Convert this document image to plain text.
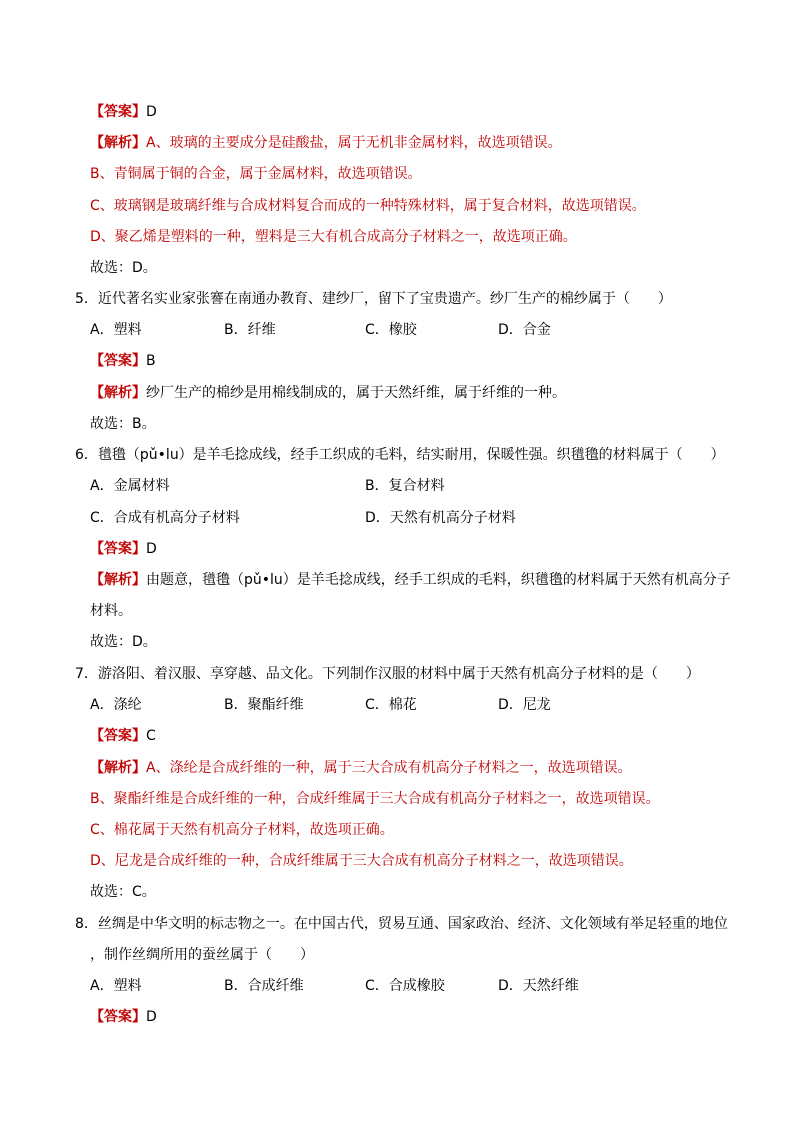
【答案】D
【解析】A、玻璃的主要成分是硅酸盐，属于无机非金属材料，故选项错误。
B、青铜属于铜的合金，属于金属材料，故选项错误。
C、玻璃钢是玻璃纤维与合成材料复合而成的一种特殊材料，属于复合材料，故选项错误。
D、聚乙烯是塑料的一种，塑料是三大有机合成高分子材料之一，故选项正确。
故选：D。
5．近代著名实业家张謇在南通办教育、建纱厂，留下了宝贵遗产。纱厂生产的棉纱属于（　　）
A．塑料	B．纤维	C．橡胶	D．合金
【答案】B
【解析】纱厂生产的棉纱是用棉线制成的，属于天然纤维，属于纤维的一种。
故选：B。
6．氆氇（pǔ•lu）是羊毛捻成线，经手工织成的毛料，结实耐用，保暖性强。织氆氇的材料属于（　　）
A．金属材料	B．复合材料
C．合成有机高分子材料	D．天然有机高分子材料
【答案】D
【解析】由题意，氆氇（pǔ•lu）是羊毛捻成线，经手工织成的毛料，织氆氇的材料属于天然有机高分子
材料。
故选：D。
7．游洛阳、着汉服、享穿越、品文化。下列制作汉服的材料中属于天然有机高分子材料的是（　　）
A．涤纶	B．聚酯纤维	C．棉花	D．尼龙
【答案】C
【解析】A、涤纶是合成纤维的一种，属于三大合成有机高分子材料之一，故选项错误。
B、聚酯纤维是合成纤维的一种，合成纤维属于三大合成有机高分子材料之一，故选项错误。
C、棉花属于天然有机高分子材料，故选项正确。
D、尼龙是合成纤维的一种，合成纤维属于三大合成有机高分子材料之一，故选项错误。
故选：C。
8．丝绸是中华文明的标志物之一。在中国古代，贸易互通、国家政治、经济、文化领域有举足轻重的地位
，制作丝绸所用的蚕丝属于（　　）
A．塑料	B．合成纤维	C．合成橡胶	D．天然纤维
【答案】D
